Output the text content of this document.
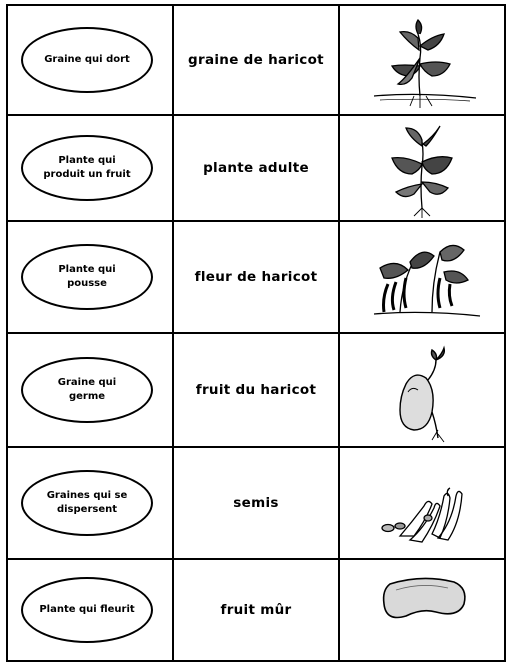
Graine qui dort	graine de haricot
Plante qui produit un fruit	plante adulte
Plante qui pousse	fleur de haricot
Graine qui germe	fruit du haricot
Graines qui se dispersent	semis
Plante qui fleurit	fruit mûr
